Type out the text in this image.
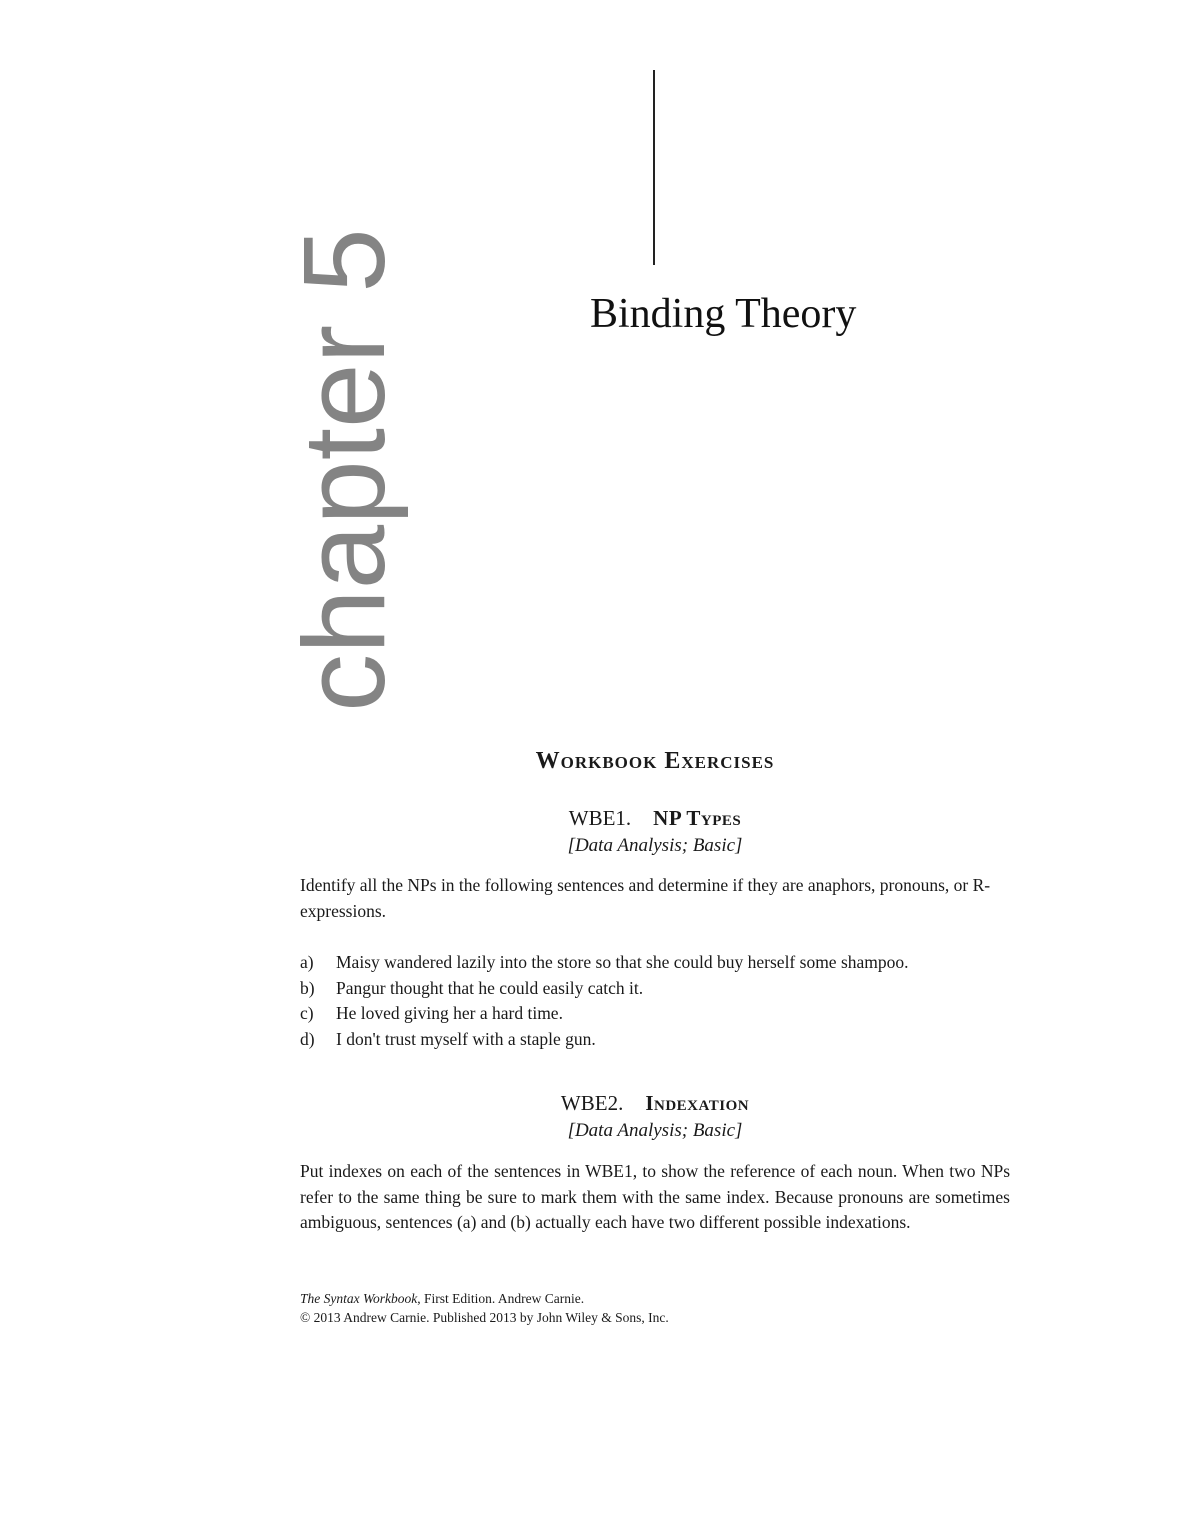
chapter 5	Binding Theory
Workbook Exercises
WBE1. NP Types
[Data Analysis; Basic]
Identify all the NPs in the following sentences and determine if they are anaphors, pronouns, or R-expressions.
a)	Maisy wandered lazily into the store so that she could buy herself some shampoo.
b)	Pangur thought that he could easily catch it.
c)	He loved giving her a hard time.
d)	I don't trust myself with a staple gun.
WBE2. Indexation
[Data Analysis; Basic]
Put indexes on each of the sentences in WBE1, to show the reference of each noun. When two NPs refer to the same thing be sure to mark them with the same index. Because pronouns are sometimes ambiguous, sentences (a) and (b) actually each have two different possible indexations.
The Syntax Workbook, First Edition. Andrew Carnie.
© 2013 Andrew Carnie. Published 2013 by John Wiley & Sons, Inc.
